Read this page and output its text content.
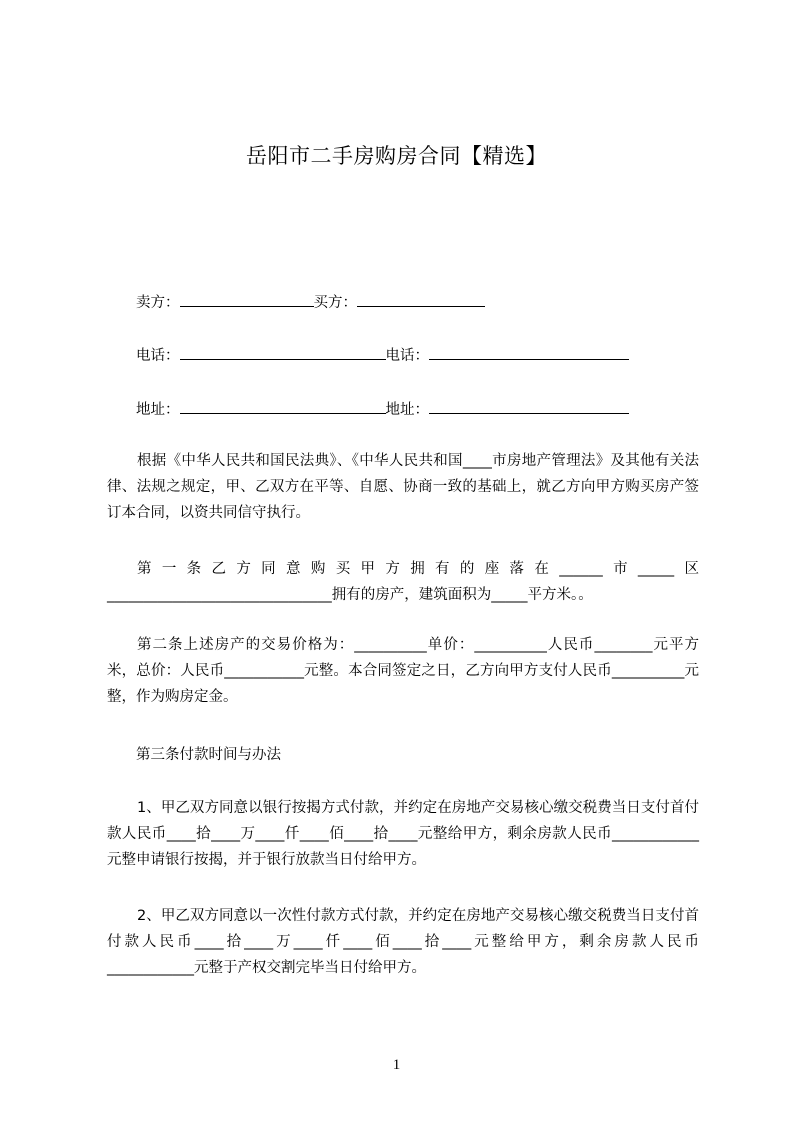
岳阳市二手房购房合同【精选】
卖方：	买方：
电话：	电话：
地址：	地址：

根据《中华人民共和国民法典》、《中华人民共和国____市房地产管理法》及其他有关法律、法规之规定，甲、乙双方在平等、自愿、协商一致的基础上，就乙方向甲方购买房产签订本合同，以资共同信守执行。

第一条乙方同意购买甲方拥有的座落在______市_____区_______________________________拥有的房产，建筑面积为_____平方米。。

第二条上述房产的交易价格为：__________单价：__________人民币________元平方米，总价：人民币___________元整。本合同签定之日，乙方向甲方支付人民币__________元整，作为购房定金。

第三条付款时间与办法

1、甲乙双方同意以银行按揭方式付款，并约定在房地产交易核心缴交税费当日支付首付款人民币____拾____万____仟____佰____拾____元整给甲方，剩余房款人民币____________元整申请银行按揭，并于银行放款当日付给甲方。

2、甲乙双方同意以一次性付款方式付款，并约定在房地产交易核心缴交税费当日支付首付款人民币____拾____万____仟____佰____拾____元整给甲方，剩余房款人民币____________元整于产权交割完毕当日付给甲方。

1
